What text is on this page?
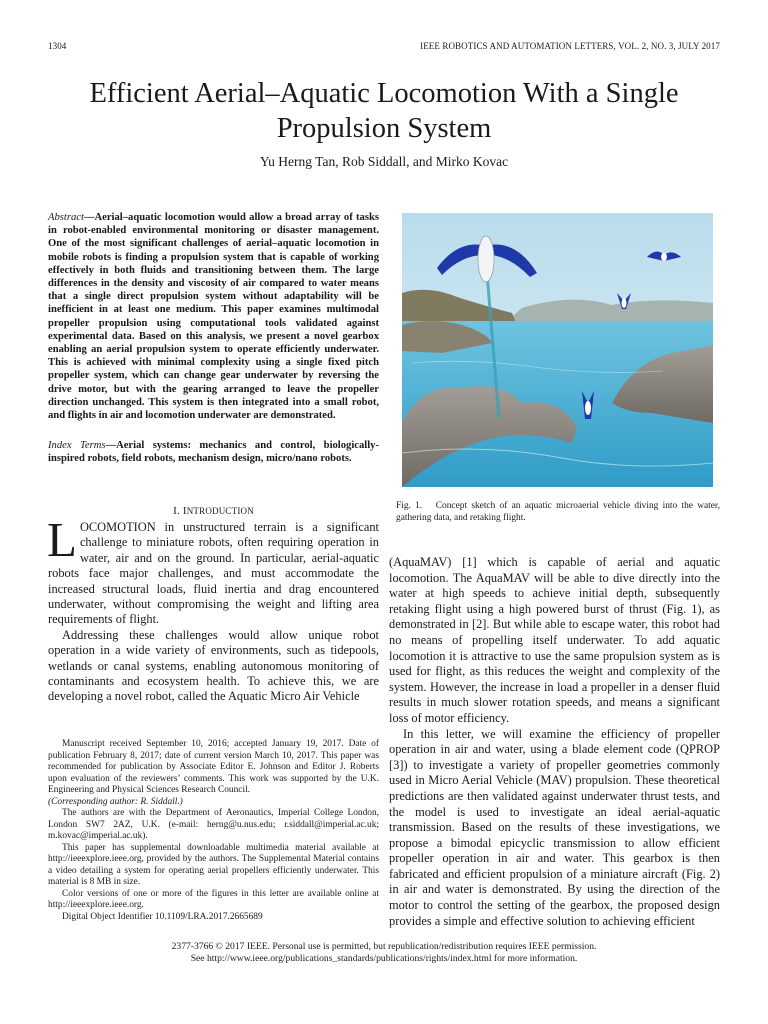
1304	IEEE ROBOTICS AND AUTOMATION LETTERS, VOL. 2, NO. 3, JULY 2017
Efficient Aerial–Aquatic Locomotion With a Single Propulsion System
Yu Herng Tan, Rob Siddall, and Mirko Kovac

Abstract—Aerial–aquatic locomotion would allow a broad array of tasks in robot-enabled environmental monitoring or disaster management. One of the most significant challenges of aerial–aquatic locomotion in mobile robots is finding a propulsion system that is capable of working effectively in both fluids and transitioning between them. The large differences in the density and viscosity of air compared to water means that a single direct propulsion system without adaptability will be inefficient in at least one medium. This paper examines multimodal propeller propulsion using computational tools validated against experimental data. Based on this analysis, we present a novel gearbox enabling an aerial propulsion system to operate efficiently underwater. This is achieved with minimal complexity using a single fixed pitch propeller system, which can change gear underwater by reversing the drive motor, but with the gearing arranged to leave the propeller direction unchanged. This system is then integrated into a small robot, and flights in air and locomotion underwater are demonstrated.

Index Terms—Aerial systems: mechanics and control, biologically-inspired robots, field robots, mechanism design, micro/nano robots.

I. INTRODUCTION

LOCOMOTION in unstructured terrain is a significant challenge to miniature robots, often requiring operation in water, air and on the ground. In particular, aerial-aquatic robots face major challenges, and must accommodate the increased structural loads, fluid inertia and drag encountered underwater, without compromising the weight and lifting area requirements of flight.

Addressing these challenges would allow unique robot operation in a wide variety of environments, such as tidepools, wetlands or canal systems, enabling autonomous monitoring of contaminants and ecosystem health. To achieve this, we are developing a novel robot, called the Aquatic Micro Air Vehicle

Manuscript received September 10, 2016; accepted January 19, 2017. Date of publication February 8, 2017; date of current version March 10, 2017. This paper was recommended for publication by Associate Editor E. Johnson and Editor J. Roberts upon evaluation of the reviewers’ comments. This work was supported by the U.K. Engineering and Physical Sciences Research Council.

(Corresponding author: R. Siddall.)

The authors are with the Department of Aeronautics, Imperial College London, London SW7 2AZ, U.K. (e-mail: herng@u.nus.edu; r.siddall@imperial.ac.uk; m.kovac@imperial.ac.uk).

This paper has supplemental downloadable multimedia material available at http://ieeexplore.ieee.org, provided by the authors. The Supplemental Material contains a video detailing a system for operating aerial propellers efficiently underwater. This material is 8 MB in size.

Color versions of one or more of the figures in this letter are available online at http://ieeexplore.ieee.org.

Digital Object Identifier 10.1109/LRA.2017.2665689

Fig. 1.  Concept sketch of an aquatic microaerial vehicle diving into the water, gathering data, and retaking flight.

(AquaMAV) [1] which is capable of aerial and aquatic locomotion. The AquaMAV will be able to dive directly into the water at high speeds to achieve initial depth, subsequently retaking flight using a high powered burst of thrust (Fig. 1), as demonstrated in [2]. But while able to escape water, this robot had no means of propelling itself underwater. To add aquatic locomotion it is attractive to use the same propulsion system as is used for flight, as this reduces the weight and complexity of the system. However, the increase in load a propeller in a denser fluid results in much slower rotation speeds, and means a significant loss of motor efficiency.

In this letter, we will examine the efficiency of propeller operation in air and water, using a blade element code (QPROP [3]) to investigate a variety of propeller geometries commonly used in Micro Aerial Vehicle (MAV) propulsion. These theoretical predictions are then validated against underwater thrust tests, and the model is used to investigate an ideal aerial-aquatic transmission. Based on the results of these investigations, we propose a bimodal epicyclic transmission to allow efficient propeller operation in air and water. This gearbox is then fabricated and efficient propulsion of a miniature aircraft (Fig. 2) in air and water is demonstrated. By using the direction of the motor to control the setting of the gearbox, the proposed design provides a simple and effective solution to achieving efficient

2377-3766 © 2017 IEEE. Personal use is permitted, but republication/redistribution requires IEEE permission.
See http://www.ieee.org/publications_standards/publications/rights/index.html for more information.
